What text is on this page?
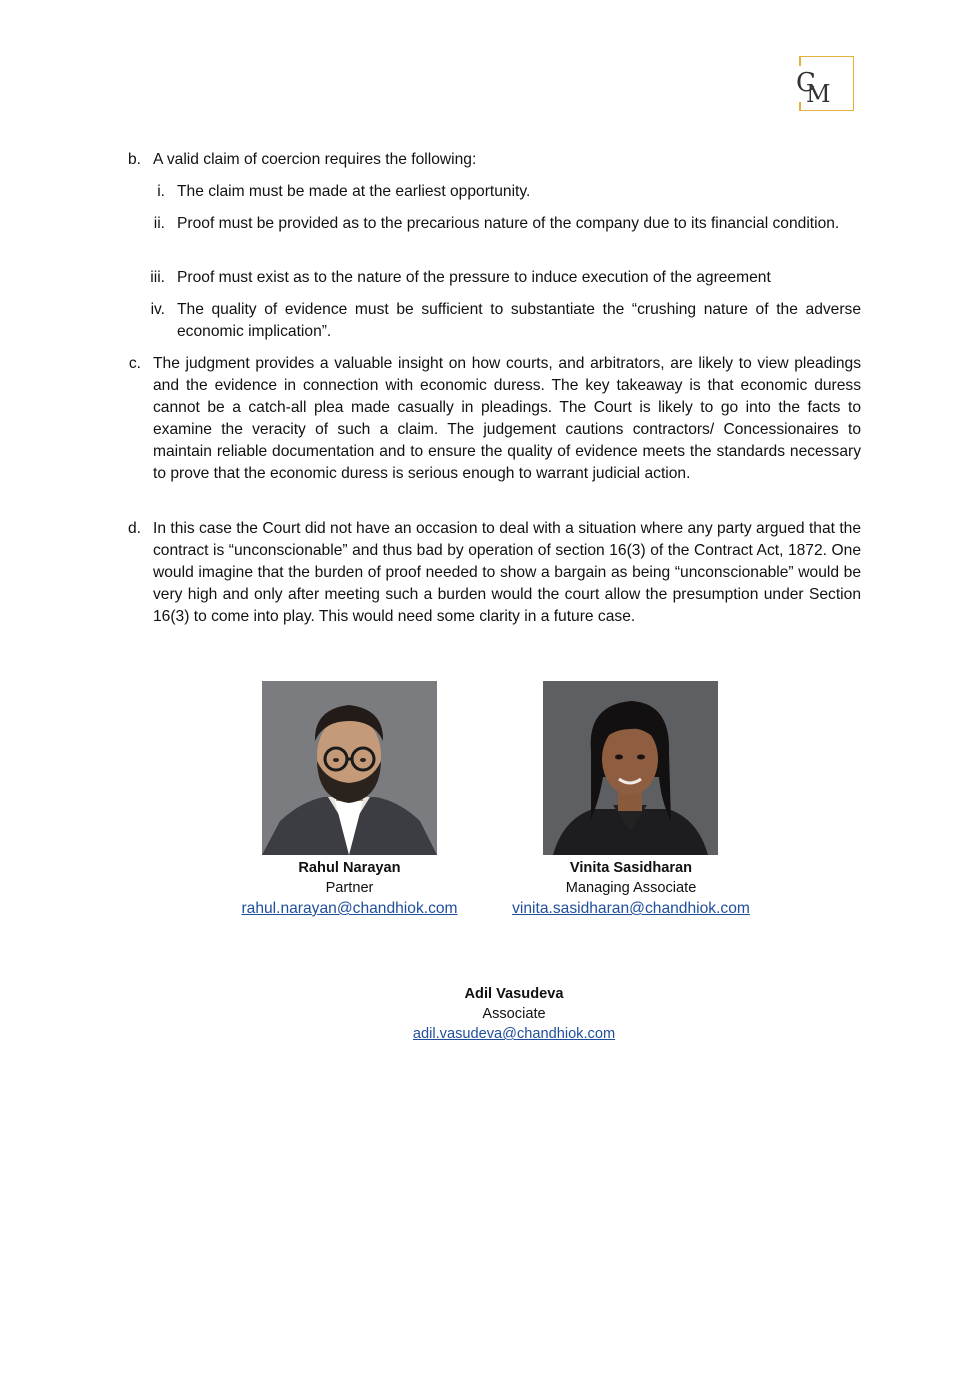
C
M
b. A valid claim of coercion requires the following:
i. The claim must be made at the earliest opportunity.
ii. Proof must be provided as to the precarious nature of the company due to its financial condition.
iii. Proof must exist as to the nature of the pressure to induce execution of the agreement
iv. The quality of evidence must be sufficient to substantiate the “crushing nature of the adverse economic implication”.
c. The judgment provides a valuable insight on how courts, and arbitrators, are likely to view pleadings and the evidence in connection with economic duress. The key takeaway is that economic duress cannot be a catch-all plea made casually in pleadings. The Court is likely to go into the facts to examine the veracity of such a claim. The judgement cautions contractors/ Concessionaires to maintain reliable documentation and to ensure the quality of evidence meets the standards necessary to prove that the economic duress is serious enough to warrant judicial action.
d. In this case the Court did not have an occasion to deal with a situation where any party argued that the contract is “unconscionable” and thus bad by operation of section 16(3) of the Contract Act, 1872. One would imagine that the burden of proof needed to show a bargain as being “unconscionable” would be very high and only after meeting such a burden would the court allow the presumption under Section 16(3) to come into play. This would need some clarity in a future case.
Rahul Narayan
Partner
rahul.narayan@chandhiok.com
Vinita Sasidharan
Managing Associate
vinita.sasidharan@chandhiok.com
Adil Vasudeva
Associate
adil.vasudeva@chandhiok.com
